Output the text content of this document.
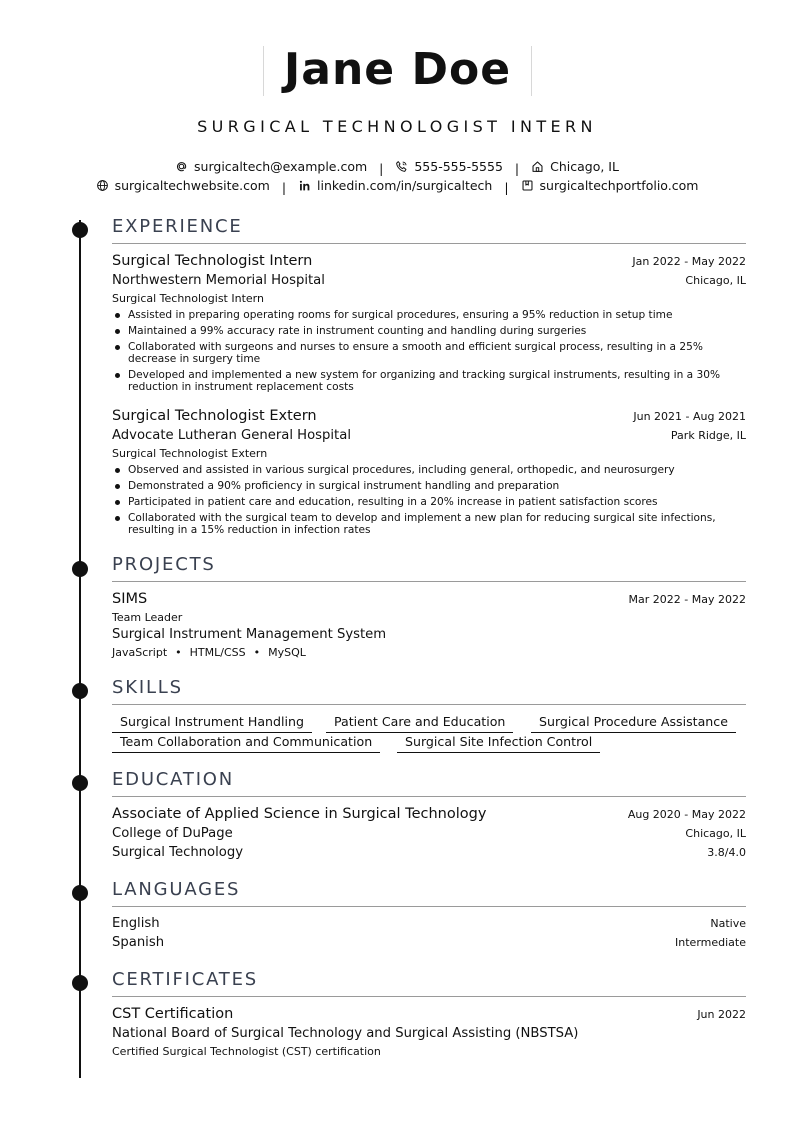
Jane Doe
SURGICAL TECHNOLOGIST INTERN
surgicaltech@example.com | 555-555-5555 | Chicago, IL
surgicaltechwebsite.com | linkedin.com/in/surgicaltech | surgicaltechportfolio.com
EXPERIENCE
Surgical Technologist Intern	Jan 2022 - May 2022
Northwestern Memorial Hospital	Chicago, IL
Surgical Technologist Intern
Assisted in preparing operating rooms for surgical procedures, ensuring a 95% reduction in setup time
Maintained a 99% accuracy rate in instrument counting and handling during surgeries
Collaborated with surgeons and nurses to ensure a smooth and efficient surgical process, resulting in a 25% decrease in surgery time
Developed and implemented a new system for organizing and tracking surgical instruments, resulting in a 30% reduction in instrument replacement costs
Surgical Technologist Extern	Jun 2021 - Aug 2021
Advocate Lutheran General Hospital	Park Ridge, IL
Surgical Technologist Extern
Observed and assisted in various surgical procedures, including general, orthopedic, and neurosurgery
Demonstrated a 90% proficiency in surgical instrument handling and preparation
Participated in patient care and education, resulting in a 20% increase in patient satisfaction scores
Collaborated with the surgical team to develop and implement a new plan for reducing surgical site infections, resulting in a 15% reduction in infection rates
PROJECTS
SIMS	Mar 2022 - May 2022
Team Leader
Surgical Instrument Management System
JavaScript • HTML/CSS • MySQL
SKILLS
Surgical Instrument Handling	Patient Care and Education	Surgical Procedure Assistance
Team Collaboration and Communication	Surgical Site Infection Control
EDUCATION
Associate of Applied Science in Surgical Technology	Aug 2020 - May 2022
College of DuPage	Chicago, IL
Surgical Technology	3.8/4.0
LANGUAGES
English	Native
Spanish	Intermediate
CERTIFICATES
CST Certification	Jun 2022
National Board of Surgical Technology and Surgical Assisting (NBSTSA)
Certified Surgical Technologist (CST) certification
